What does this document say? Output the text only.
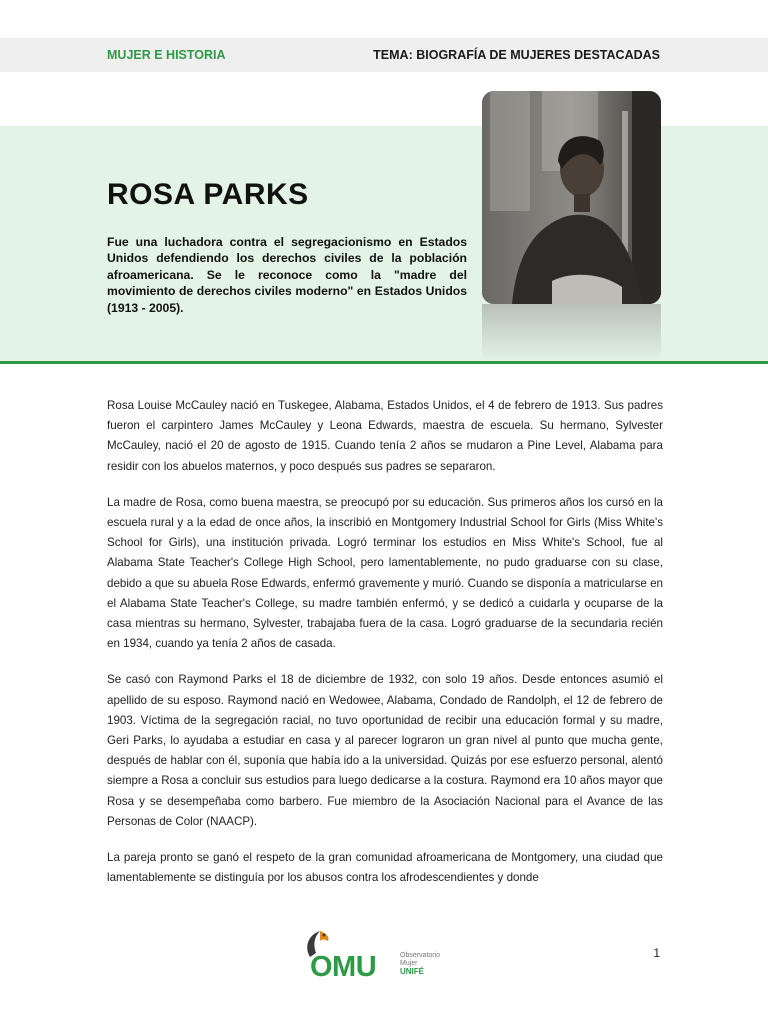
MUJER E HISTORIA	TEMA: BIOGRAFÍA DE MUJERES DESTACADAS
ROSA PARKS

Fue una luchadora contra el segregacionismo en Estados Unidos defendiendo los derechos civiles de la población afroamericana. Se le reconoce como la "madre del movimiento de derechos civiles moderno" en Estados Unidos (1913 - 2005).

Rosa Louise McCauley nació en Tuskegee, Alabama, Estados Unidos, el 4 de febrero de 1913. Sus padres fueron el carpintero James McCauley y Leona Edwards, maestra de escuela. Su hermano, Sylvester McCauley, nació el 20 de agosto de 1915. Cuando tenía 2 años se mudaron a Pine Level, Alabama para residir con los abuelos maternos, y poco después sus padres se separaron.

La madre de Rosa, como buena maestra, se preocupó por su educación. Sus primeros años los cursó en la escuela rural y a la edad de once años, la inscribió en Montgomery Industrial School for Girls (Miss White's School for Girls), una institución privada. Logró terminar los estudios en Miss White's School, fue al Alabama State Teacher's College High School, pero lamentablemente, no pudo graduarse con su clase, debido a que su abuela Rose Edwards, enfermó gravemente y murió. Cuando se disponía a matricularse en el Alabama State Teacher's College, su madre también enfermó, y se dedicó a cuidarla y ocuparse de la casa mientras su hermano, Sylvester, trabajaba fuera de la casa. Logró graduarse de la secundaria recién en 1934, cuando ya tenía 2 años de casada.

Se casó con Raymond Parks el 18 de diciembre de 1932, con solo 19 años. Desde entonces asumió el apellido de su esposo. Raymond nació en Wedowee, Alabama, Condado de Randolph, el 12 de febrero de 1903. Víctima de la segregación racial, no tuvo oportunidad de recibir una educación formal y su madre, Geri Parks, lo ayudaba a estudiar en casa y al parecer lograron un gran nivel al punto que mucha gente, después de hablar con él, suponía que había ido a la universidad. Quizás por ese esfuerzo personal, alentó siempre a Rosa a concluir sus estudios para luego dedicarse a la costura. Raymond era 10 años mayor que Rosa y se desempeñaba como barbero. Fue miembro de la Asociación Nacional para el Avance de las Personas de Color (NAACP).

La pareja pronto se ganó el respeto de la gran comunidad afroamericana de Montgomery, una ciudad que lamentablemente se distinguía por los abusos contra los afrodescendientes y donde

OMU	Observatorio
Mujer
UNIFÉ
1
